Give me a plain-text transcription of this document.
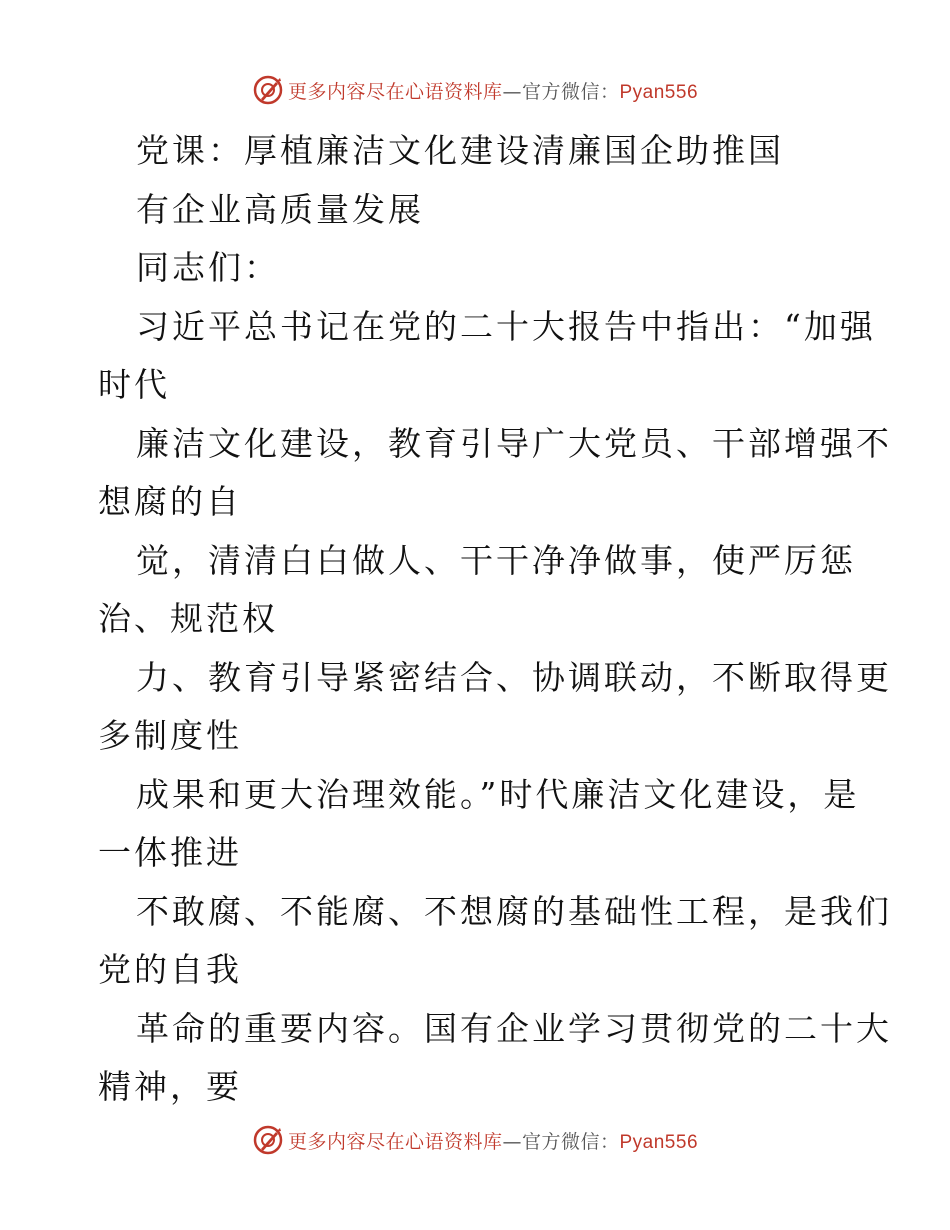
更多内容尽在心语资料库—官方微信：Pyan556
党课：厚植廉洁文化建设清廉国企助推国
有企业高质量发展
同志们：
习近平总书记在党的二十大报告中指出：“加强
时代
廉洁文化建设，教育引导广大党员、干部增强不
想腐的自
觉，清清白白做人、干干净净做事，使严厉惩
治、规范权
力、教育引导紧密结合、协调联动，不断取得更
多制度性
成果和更大治理效能。”时代廉洁文化建设，是
一体推进
不敢腐、不能腐、不想腐的基础性工程，是我们
党的自我
革命的重要内容。国有企业学习贯彻党的二十大
精神，要
更多内容尽在心语资料库—官方微信：Pyan556
